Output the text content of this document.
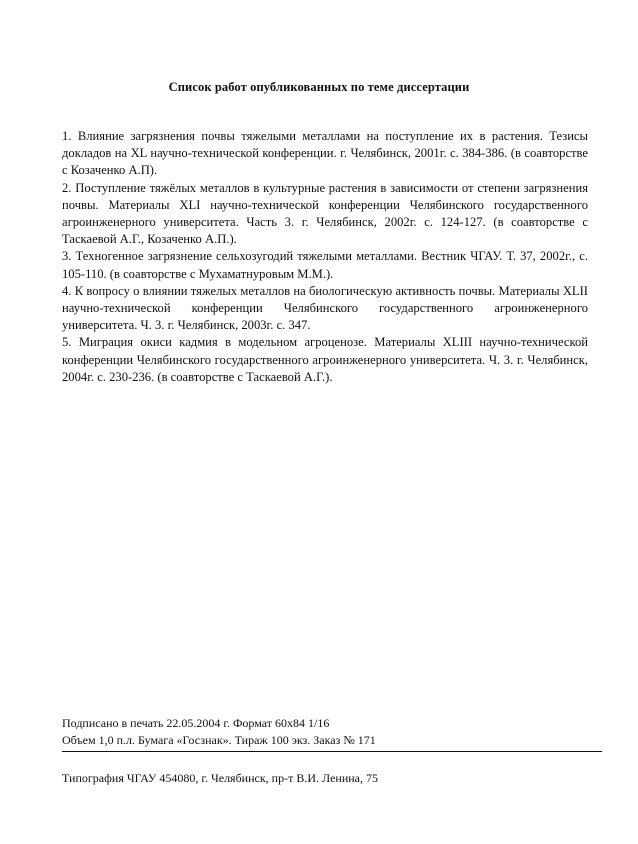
Список работ опубликованных по теме диссертации

1. Влияние загрязнения почвы тяжелыми металлами на поступление их в растения. Тезисы докладов на XL научно-технической конференции. г. Челябинск, 2001г. с. 384-386. (в соавторстве с Козаченко А.П).

2. Поступление тяжёлых металлов в культурные растения в зависимости от степени загрязнения почвы. Материалы XLI научно-технической конференции Челябинского государственного агроинженерного университета. Часть 3. г. Челябинск, 2002г. с. 124-127. (в соавторстве с Таскаевой А.Г., Козаченко А.П.).

3. Техногенное загрязнение сельхозугодий тяжелыми металлами. Вестник ЧГАУ. Т. 37, 2002г., с. 105-110. (в соавторстве с Мухаматнуровым М.М.).

4. К вопросу о влиянии тяжелых металлов на биологическую активность почвы. Материалы XLII научно-технической конференции Челябинского государственного агроинженерного университета. Ч. 3. г. Челябинск, 2003г. с. 347.

5. Миграция окиси кадмия в модельном агроценозе. Материалы XLIII научно-технической конференции Челябинского государственного агроинженерного университета. Ч. 3. г. Челябинск, 2004г. с. 230-236. (в соавторстве с Таскаевой А.Г.).

Подписано в печать 22.05.2004 г. Формат 60x84 1/16
Объем 1,0 п.л. Бумага «Госзнак». Тираж 100 экз. Заказ № 171
Типография ЧГАУ 454080, г. Челябинск, пр-т В.И. Ленина, 75
